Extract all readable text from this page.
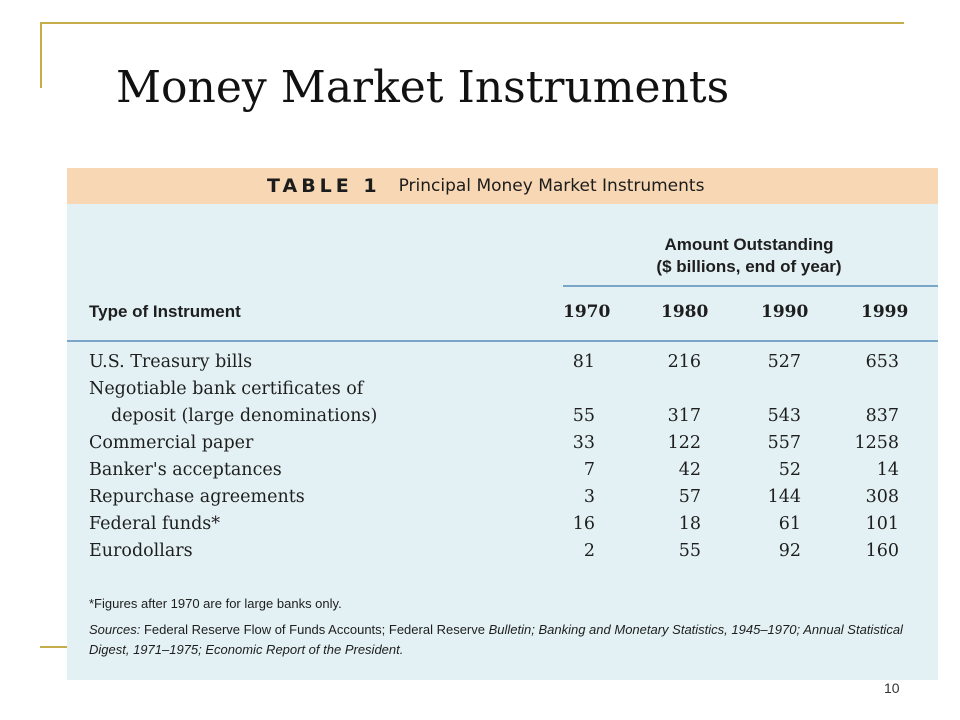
Money Market Instruments
TABLE 1 Principal Money Market Instruments
Amount Outstanding
($ billions, end of year)
Type of Instrument	1970	1980	1990	1999
U.S. Treasury bills	81	216	527	653
Negotiable bank certificates of
deposit (large denominations)	55	317	543	837
Commercial paper	33	122	557	1258
Banker's acceptances	7	42	52	14
Repurchase agreements	3	57	144	308
Federal funds*	16	18	61	101
Eurodollars	2	55	92	160
*Figures after 1970 are for large banks only.
Sources: Federal Reserve Flow of Funds Accounts; Federal Reserve Bulletin; Banking and Monetary Statistics, 1945–1970; Annual Statistical Digest, 1971–1975; Economic Report of the President.
10
